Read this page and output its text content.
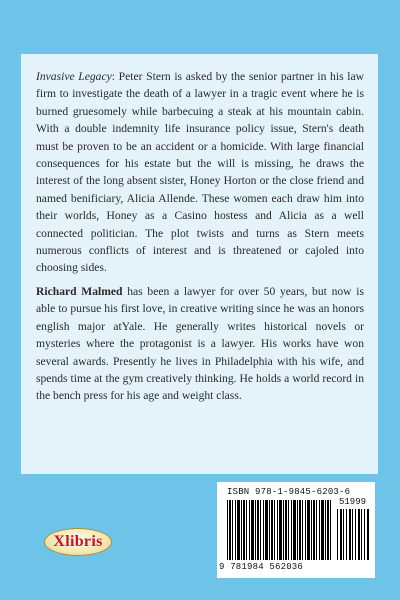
Invasive Legacy: Peter Stern is asked by the senior partner in his law firm to investigate the death of a lawyer in a tragic event where he is burned gruesomely while barbecuing a steak at his mountain cabin. With a double indemnity life insurance policy issue, Stern's death must be proven to be an accident or a homicide. With large financial consequences for his estate but the will is missing, he draws the interest of the long absent sister, Honey Horton or the close friend and named benificiary, Alicia Allende. These women each draw him into their worlds, Honey as a Casino hostess and Alicia as a well connected politician. The plot twists and turns as Stern meets numerous conflicts of interest and is threatened or cajoled into choosing sides.

Richard Malmed has been a lawyer for over 50 years, but now is able to pursue his first love, in creative writing since he was an honors english major atYale. He generally writes historical novels or mysteries where the protagonist is a lawyer. His works have won several awards. Presently he lives in Philadelphia with his wife, and spends time at the gym creatively thinking. He holds a world record in the bench press for his age and weight class.

Xlibris
ISBN 978-1-9845-6203-6
51999
9 781984 562036
